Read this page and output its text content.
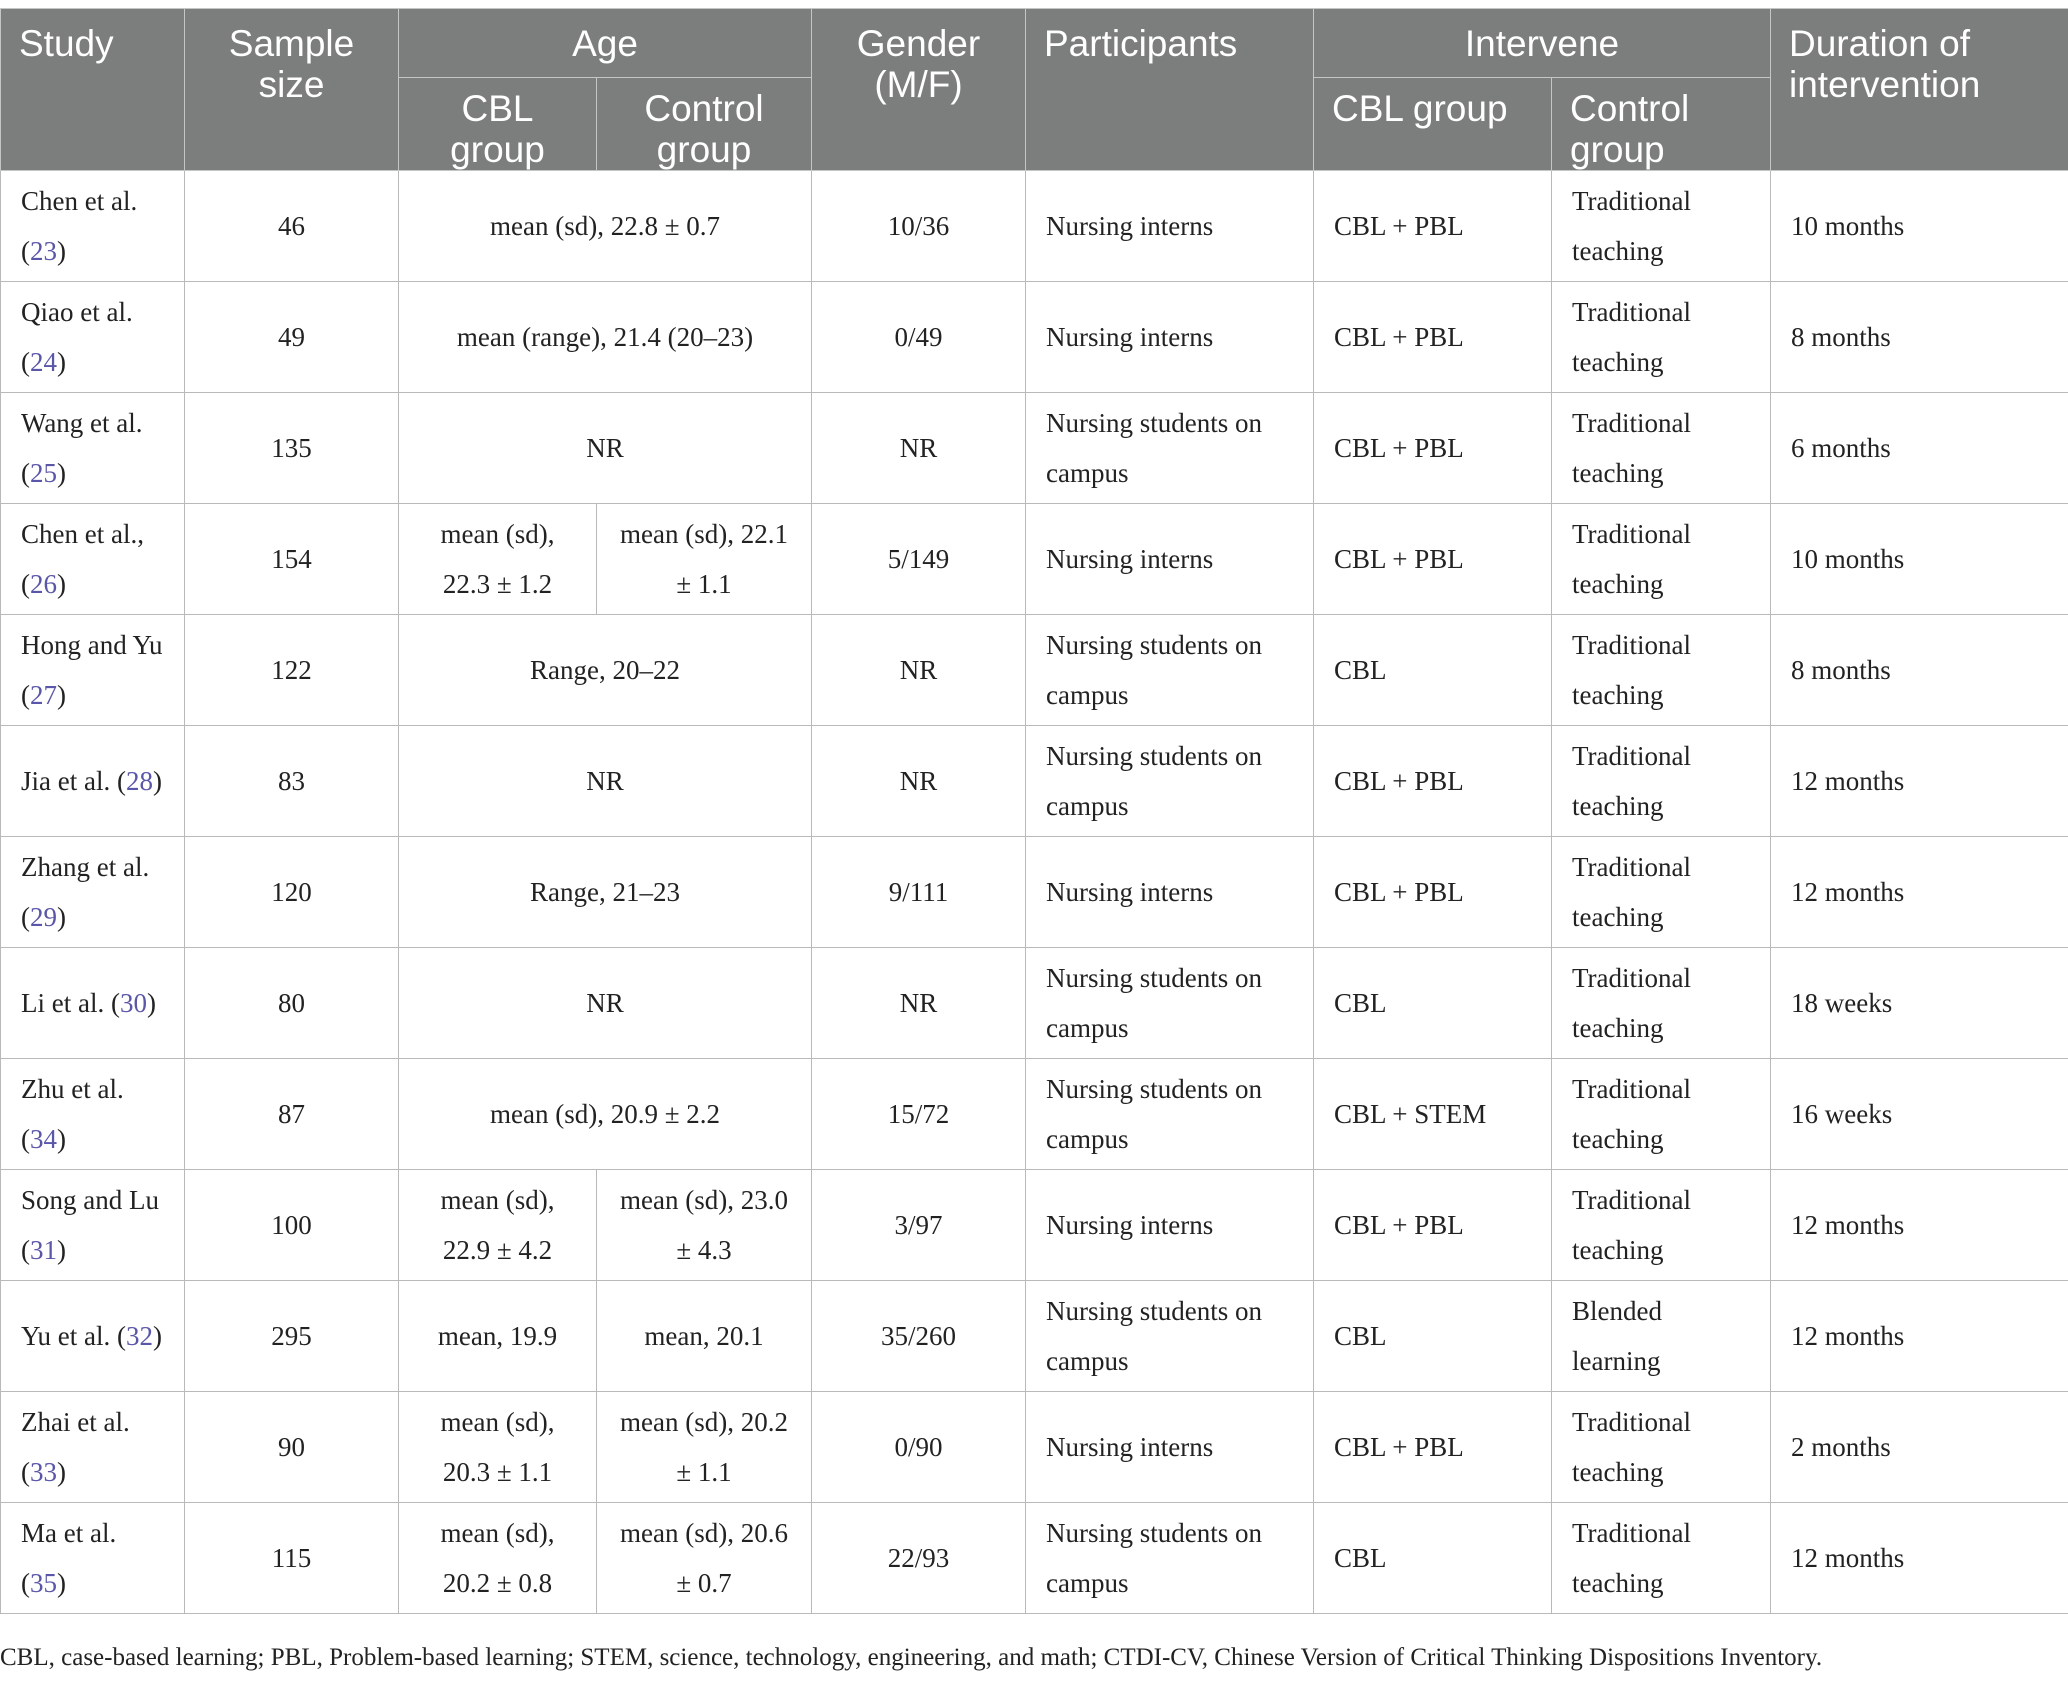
Study	Sample size	Age		Gender (M/F)	Participants	Intervene		Duration of intervention
		CBL group	Control group			CBL group	Control group	
Chen et al. (23)	46	mean (sd), 22.8 ± 0.7		10/36	Nursing interns	CBL + PBL	Traditional teaching	10 months
Qiao et al. (24)	49	mean (range), 21.4 (20–23)		0/49	Nursing interns	CBL + PBL	Traditional teaching	8 months
Wang et al. (25)	135	NR		NR	Nursing students on campus	CBL + PBL	Traditional teaching	6 months
Chen et al., (26)	154	mean (sd), 22.3 ± 1.2	mean (sd), 22.1 ± 1.1	5/149	Nursing interns	CBL + PBL	Traditional teaching	10 months
Hong and Yu (27)	122	Range, 20–22		NR	Nursing students on campus	CBL	Traditional teaching	8 months
Jia et al. (28)	83	NR		NR	Nursing students on campus	CBL + PBL	Traditional teaching	12 months
Zhang et al. (29)	120	Range, 21–23		9/111	Nursing interns	CBL + PBL	Traditional teaching	12 months
Li et al. (30)	80	NR		NR	Nursing students on campus	CBL	Traditional teaching	18 weeks
Zhu et al. (34)	87	mean (sd), 20.9 ± 2.2		15/72	Nursing students on campus	CBL + STEM	Traditional teaching	16 weeks
Song and Lu (31)	100	mean (sd), 22.9 ± 4.2	mean (sd), 23.0 ± 4.3	3/97	Nursing interns	CBL + PBL	Traditional teaching	12 months
Yu et al. (32)	295	mean, 19.9	mean, 20.1	35/260	Nursing students on campus	CBL	Blended learning	12 months
Zhai et al. (33)	90	mean (sd), 20.3 ± 1.1	mean (sd), 20.2 ± 1.1	0/90	Nursing interns	CBL + PBL	Traditional teaching	2 months
Ma et al. (35)	115	mean (sd), 20.2 ± 0.8	mean (sd), 20.6 ± 0.7	22/93	Nursing students on campus	CBL	Traditional teaching	12 months
CBL, case-based learning; PBL, Problem-based learning; STEM, science, technology, engineering, and math; CTDI-CV, Chinese Version of Critical Thinking Dispositions Inventory.
